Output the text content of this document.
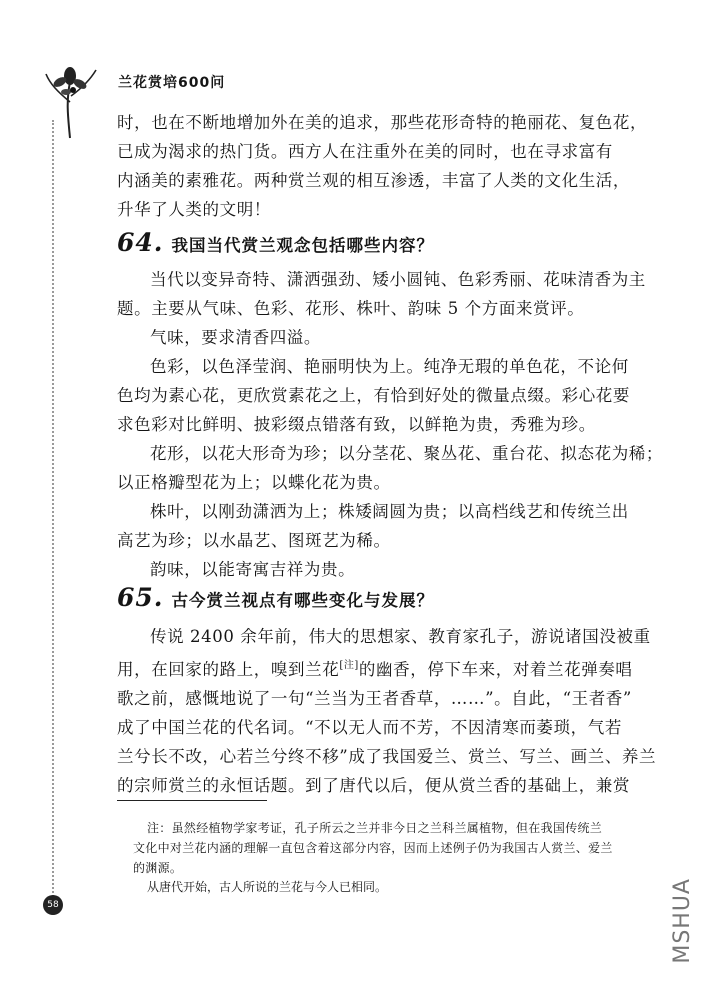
兰花赏培600问

时，也在不断地增加外在美的追求，那些花形奇特的艳丽花、复色花，

已成为渴求的热门货。西方人在注重外在美的同时，也在寻求富有

内涵美的素雅花。两种赏兰观的相互渗透，丰富了人类的文化生活，

升华了人类的文明！

64. 我国当代赏兰观念包括哪些内容？

当代以变异奇特、潇洒强劲、矮小圆钝、色彩秀丽、花味清香为主

题。主要从气味、色彩、花形、株叶、韵味 5 个方面来赏评。

气味，要求清香四溢。

色彩，以色泽莹润、艳丽明快为上。纯净无瑕的单色花，不论何

色均为素心花，更欣赏素花之上，有恰到好处的微量点缀。彩心花要

求色彩对比鲜明、披彩缀点错落有致，以鲜艳为贵，秀雅为珍。

花形，以花大形奇为珍；以分茎花、聚丛花、重台花、拟态花为稀；

以正格瓣型花为上；以蝶化花为贵。

株叶，以刚劲潇洒为上；株矮阔圆为贵；以高档线艺和传统兰出

高艺为珍；以水晶艺、图斑艺为稀。

韵味，以能寄寓吉祥为贵。

65. 古今赏兰视点有哪些变化与发展？

传说 2400 余年前，伟大的思想家、教育家孔子，游说诸国没被重

用，在回家的路上，嗅到兰花[注]的幽香，停下车来，对着兰花弹奏唱

歌之前，感慨地说了一句“兰当为王者香草，……”。自此，“王者香”

成了中国兰花的代名词。“不以无人而不芳，不因清寒而萎琐，气若

兰兮长不改，心若兰兮终不移”成了我国爱兰、赏兰、写兰、画兰、养兰

的宗师赏兰的永恒话题。到了唐代以后，便从赏兰香的基础上，兼赏

注：虽然经植物学家考证，孔子所云之兰并非今日之兰科兰属植物，但在我国传统兰
文化中对兰花内涵的理解一直包含着这部分内容，因而上述例子仍为我国古人赏兰、爱兰
的渊源。
从唐代开始，古人所说的兰花与今人已相同。
58	MSHUA
